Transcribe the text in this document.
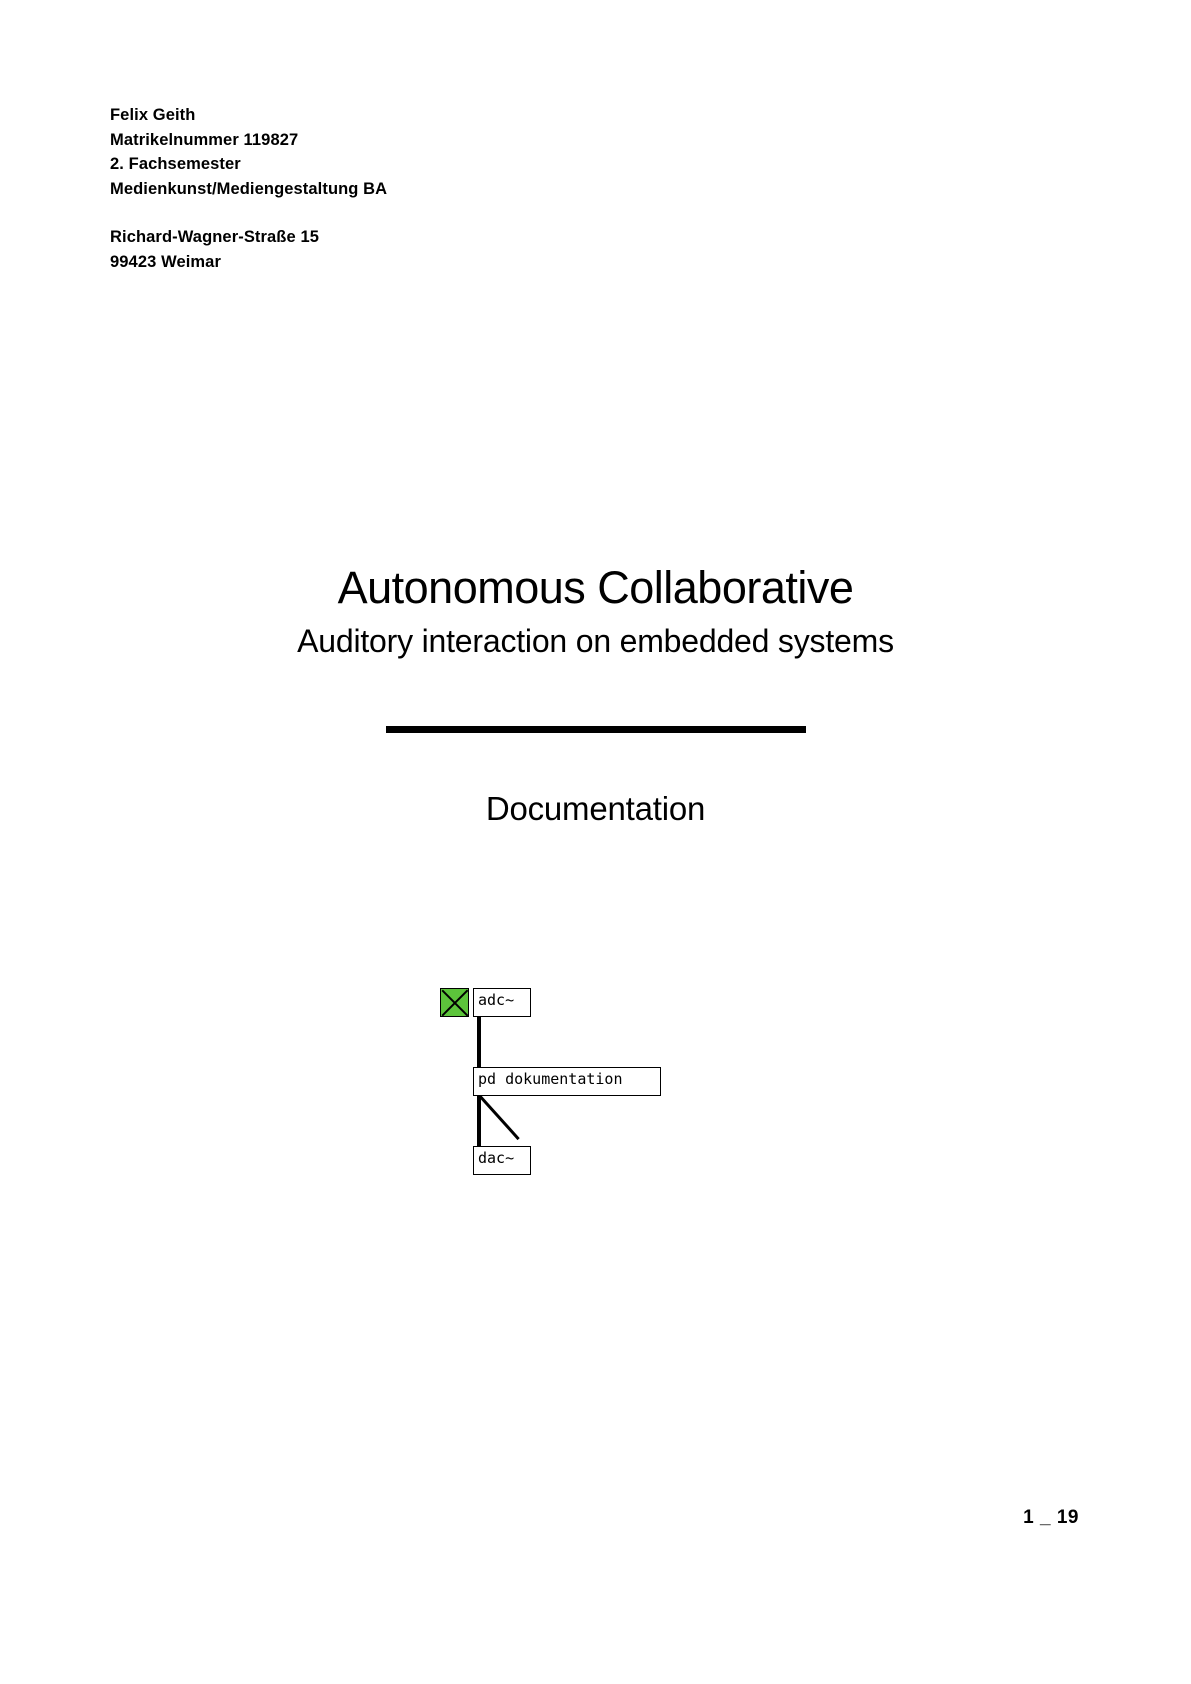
Felix Geith
Matrikelnummer 119827
2. Fachsemester
Medienkunst/Mediengestaltung BA
Richard-Wagner-Straße 15
99423 Weimar
Autonomous Collaborative
Auditory interaction on embedded systems
Documentation
adc~
pd dokumentation
dac~
1 _ 19
